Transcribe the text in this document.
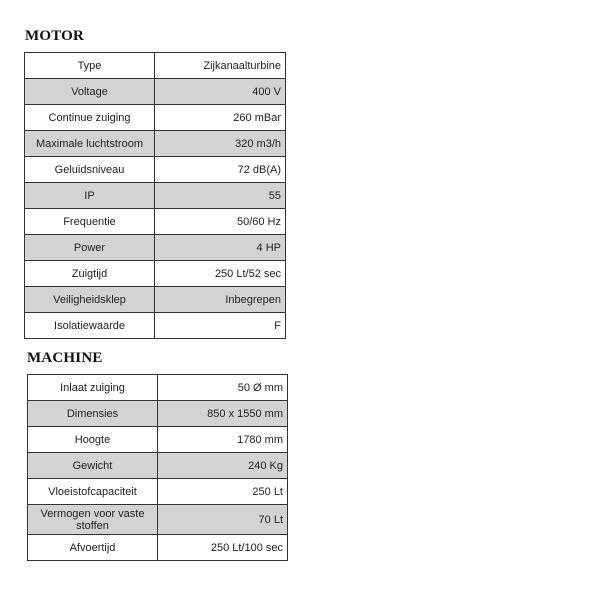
MOTOR
Type	Zijkanaalturbine
Voltage	400 V
Continue zuiging	260 mBar
Maximale luchtstroom	320 m3/h
Geluidsniveau	72 dB(A)
IP	55
Frequentie	50/60 Hz
Power	4 HP
Zuigtijd	250 Lt/52 sec
Veiligheidsklep	Inbegrepen
Isolatiewaarde	F
MACHINE
Inlaat zuiging	50 Ø mm
Dimensies	850 x 1550 mm
Hoogte	1780 mm
Gewicht	240 Kg
Vloeistofcapaciteit	250 Lt
Vermogen voor vaste stoffen	70 Lt
Afvoertijd	250 Lt/100 sec
